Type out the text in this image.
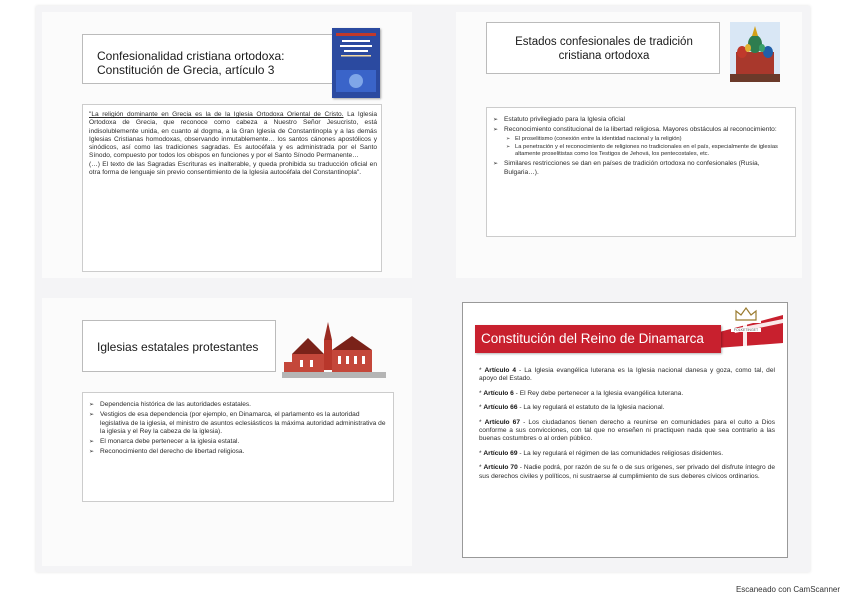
Confesionalidad cristiana ortodoxa:
Constitución de Grecia, artículo 3
"La religión dominante en Grecia es la de la Iglesia Ortodoxa Oriental de Cristo. La Iglesia Ortodoxa de Grecia, que reconoce como cabeza a Nuestro Señor Jesucristo, está indisolublemente unida, en cuanto al dogma, a la Gran Iglesia de Constantinopla y a las demás Iglesias Cristianas homodoxas, observando inmutablemente… los santos cánones apostólicos y sinódicos, así como las tradiciones sagradas. Es autocéfala y es administrada por el Santo Sínodo, compuesto por todos los obispos en funciones y por el Santo Sínodo Permanente…
(…) El texto de las Sagradas Escrituras es inalterable, y queda prohibida su traducción oficial en otra forma de lenguaje sin previo consentimiento de la Iglesia autocéfala del Constantinopla".
Estados confesionales de tradición cristiana ortodoxa
➢ Estatuto privilegiado para la Iglesia oficial
➢ Reconocimiento constitucional de la libertad religiosa. Mayores obstáculos al reconocimiento:
➢ El proselitismo (conexión entre la identidad nacional y la religión)
➢ La penetración y el reconocimiento de religiones no tradicionales en el país, especialmente de iglesias altamente proselitistas como los Testigos de Jehová, los pentecostales, etc.
➢ Similares restricciones se dan en países de tradición ortodoxa no confesionales (Rusia, Bulgaria…).
Iglesias estatales protestantes
➢ Dependencia histórica de las autoridades estatales.
➢ Vestigios de esa dependencia (por ejemplo, en Dinamarca, el parlamento es la autoridad legislativa de la iglesia, el ministro de asuntos eclesiásticos la máxima autoridad administrativa de la iglesia y el Rey la cabeza de la iglesia).
➢ El monarca debe pertenecer a la iglesia estatal.
➢ Reconocimiento del derecho de libertad religiosa.
FOLKETINGET
Constitución del Reino de Dinamarca
* Artículo 4 - La Iglesia evangélica luterana es la Iglesia nacional danesa y goza, como tal, del apoyo del Estado.
* Artículo 6 - El Rey debe pertenecer a la Iglesia evangélica luterana.
* Artículo 66 - La ley regulará el estatuto de la Iglesia nacional.
* Artículo 67 - Los ciudadanos tienen derecho a reunirse en comunidades para el culto a Dios conforme a sus convicciones, con tal que no enseñen ni practiquen nada que sea contrario a las buenas costumbres o al orden público.
* Artículo 69 - La ley regulará el régimen de las comunidades religiosas disidentes.
* Artículo 70 - Nadie podrá, por razón de su fe o de sus orígenes, ser privado del disfrute íntegro de sus derechos civiles y políticos, ni sustraerse al cumplimiento de sus deberes cívicos ordinarios.
Escaneado con CamScanner
